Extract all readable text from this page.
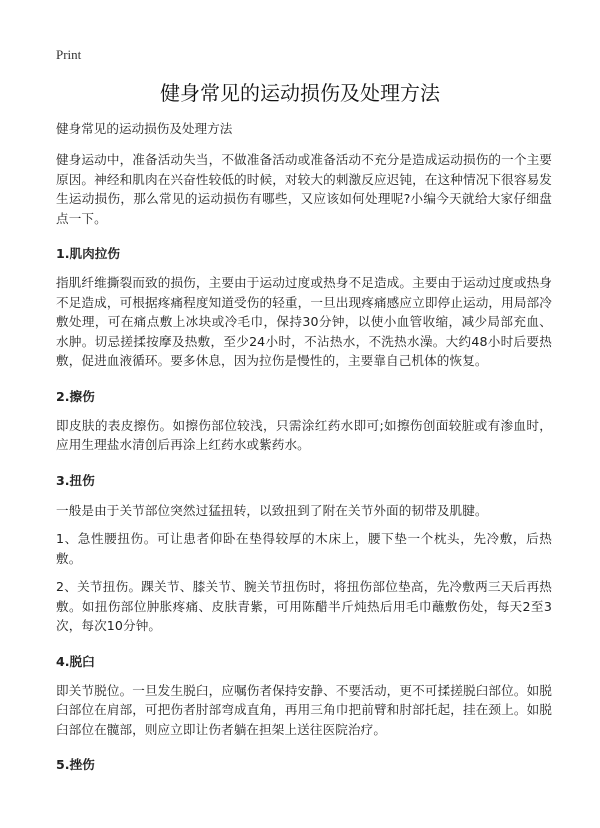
Print
健身常见的运动损伤及处理方法
健身常见的运动损伤及处理方法

健身运动中，准备活动失当，不做准备活动或准备活动不充分是造成运动损伤的一个主要原因。神经和肌肉在兴奋性较低的时候，对较大的刺激反应迟钝，在这种情况下很容易发生运动损伤，那么常见的运动损伤有哪些，又应该如何处理呢?小编今天就给大家仔细盘点一下。

1.肌肉拉伤

指肌纤维撕裂而致的损伤，主要由于运动过度或热身不足造成。主要由于运动过度或热身不足造成，可根据疼痛程度知道受伤的轻重，一旦出现疼痛感应立即停止运动，用局部冷敷处理，可在痛点敷上冰块或冷毛巾，保持30分钟，以使小血管收缩，减少局部充血、水肿。切忌搓揉按摩及热敷，至少24小时，不沾热水，不洗热水澡。大约48小时后要热敷，促进血液循环。要多休息，因为拉伤是慢性的，主要靠自己机体的恢复。

2.擦伤

即皮肤的表皮擦伤。如擦伤部位较浅，只需涂红药水即可;如擦伤创面较脏或有渗血时，应用生理盐水清创后再涂上红药水或紫药水。

3.扭伤

一般是由于关节部位突然过猛扭转，以致扭到了附在关节外面的韧带及肌腱。

1、急性腰扭伤。可让患者仰卧在垫得较厚的木床上，腰下垫一个枕头，先冷敷，后热敷。

2、关节扭伤。踝关节、膝关节、腕关节扭伤时，将扭伤部位垫高，先冷敷两三天后再热敷。如扭伤部位肿胀疼痛、皮肤青紫，可用陈醋半斤炖热后用毛巾蘸敷伤处，每天2至3次，每次10分钟。

4.脱臼

即关节脱位。一旦发生脱臼，应嘱伤者保持安静、不要活动，更不可揉搓脱臼部位。如脱臼部位在肩部，可把伤者肘部弯成直角，再用三角巾把前臂和肘部托起，挂在颈上。如脱臼部位在髋部，则应立即让伤者躺在担架上送往医院治疗。

5.挫伤
